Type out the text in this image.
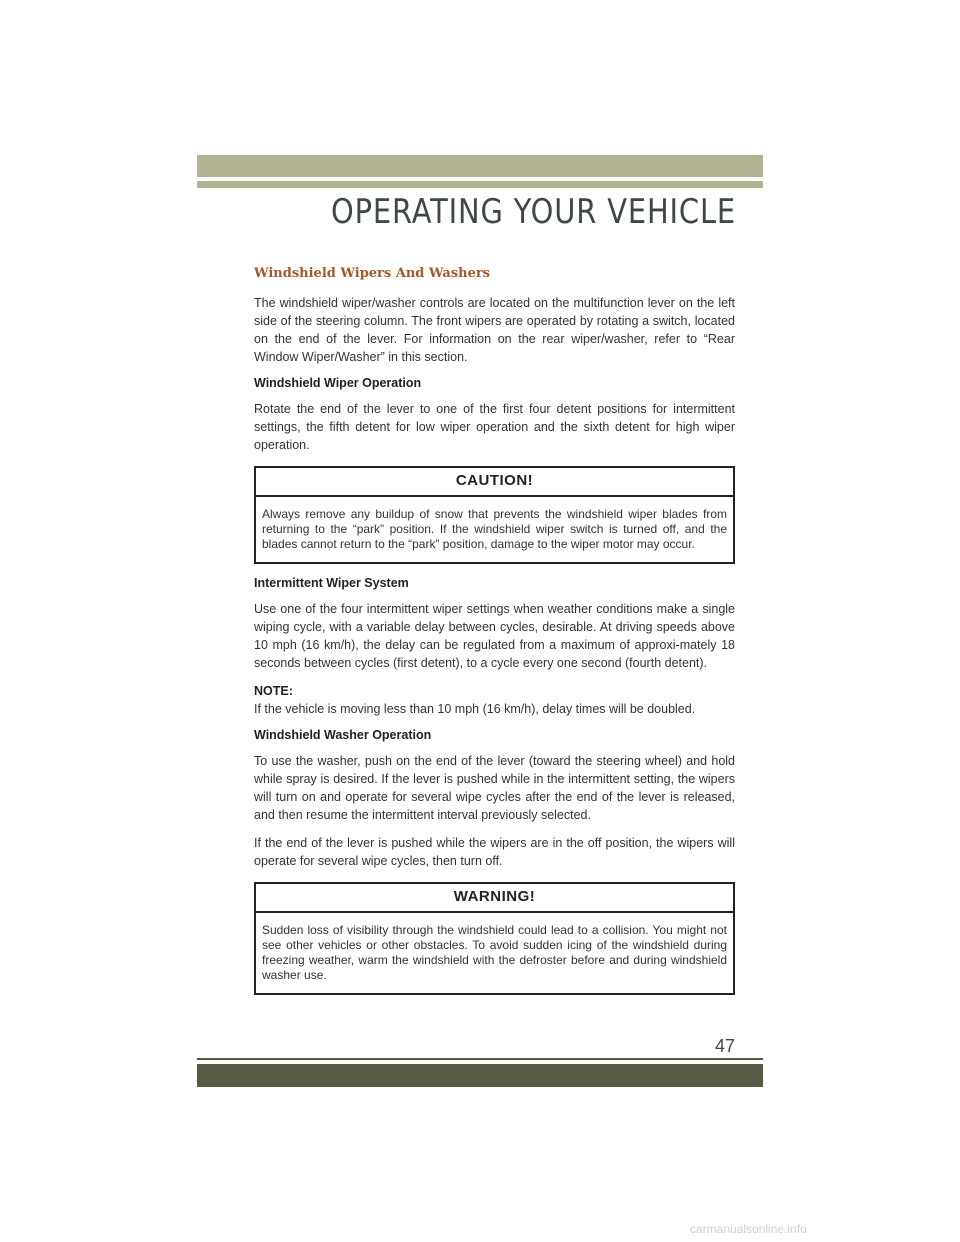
OPERATING YOUR VEHICLE
Windshield Wipers And Washers

The windshield wiper/washer controls are located on the multifunction lever on the left side of the steering column. The front wipers are operated by rotating a switch, located on the end of the lever. For information on the rear wiper/washer, refer to “Rear Window Wiper/Washer” in this section.

Windshield Wiper Operation

Rotate the end of the lever to one of the first four detent positions for intermittent settings, the fifth detent for low wiper operation and the sixth detent for high wiper operation.

CAUTION!
Always remove any buildup of snow that prevents the windshield wiper blades from returning to the “park” position. If the windshield wiper switch is turned off, and the blades cannot return to the “park” position, damage to the wiper motor may occur.
Intermittent Wiper System

Use one of the four intermittent wiper settings when weather conditions make a single wiping cycle, with a variable delay between cycles, desirable. At driving speeds above 10 mph (16 km/h), the delay can be regulated from a maximum of approxi-mately 18 seconds between cycles (first detent), to a cycle every one second (fourth detent).

NOTE:

If the vehicle is moving less than 10 mph (16 km/h), delay times will be doubled.

Windshield Washer Operation

To use the washer, push on the end of the lever (toward the steering wheel) and hold while spray is desired. If the lever is pushed while in the intermittent setting, the wipers will turn on and operate for several wipe cycles after the end of the lever is released, and then resume the intermittent interval previously selected.

If the end of the lever is pushed while the wipers are in the off position, the wipers will operate for several wipe cycles, then turn off.

WARNING!
Sudden loss of visibility through the windshield could lead to a collision. You might not see other vehicles or other obstacles. To avoid sudden icing of the windshield during freezing weather, warm the windshield with the defroster before and during windshield washer use.
47
carmanualsonline.info
